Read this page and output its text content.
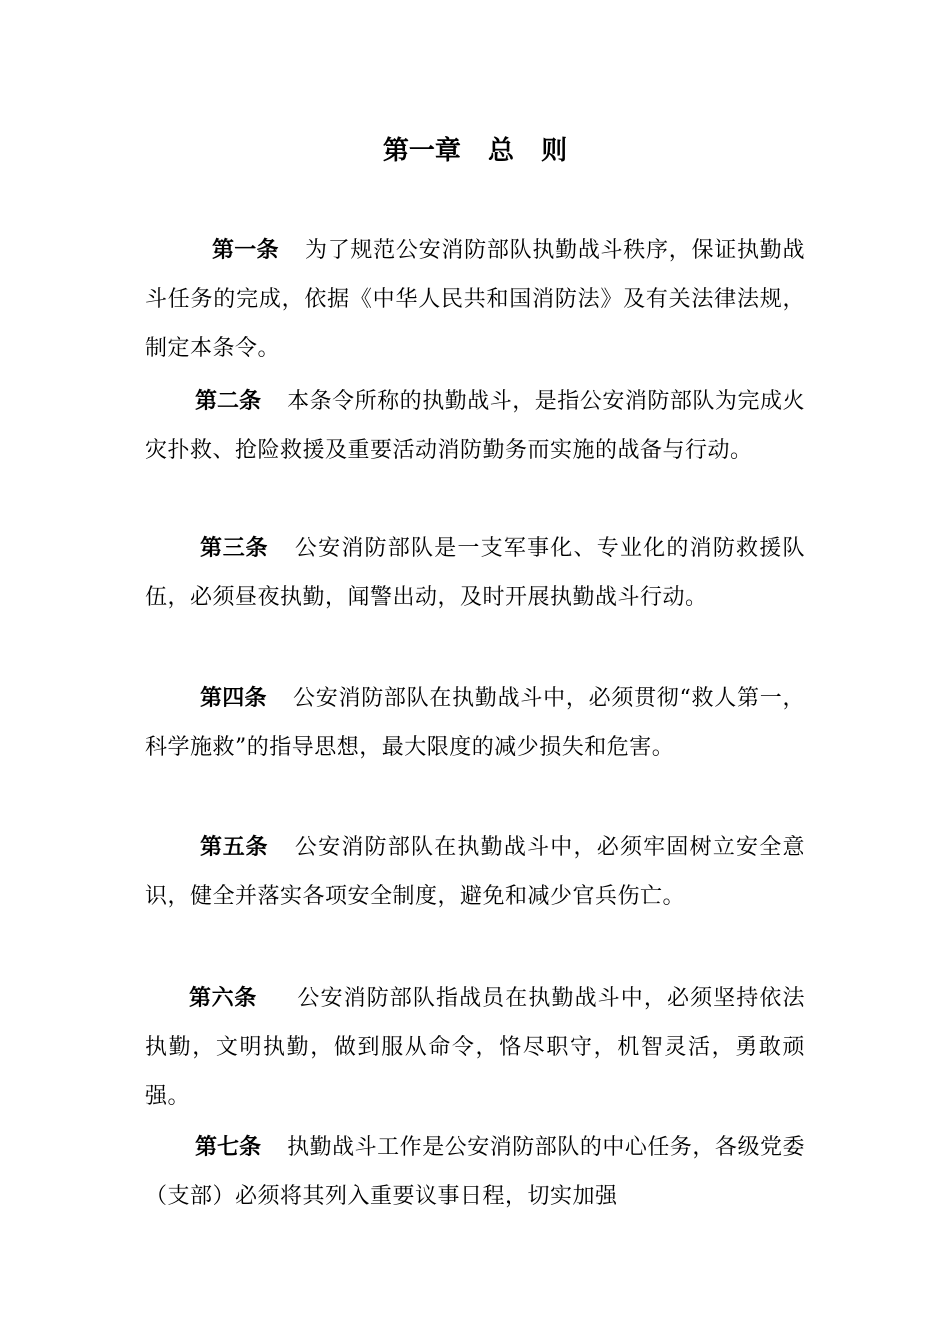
第一章   总   则
第一条 为了规范公安消防部队执勤战斗秩序，保证执勤战斗任务的完成，依据《中华人民共和国消防法》及有关法律法规，制定本条令。
第二条 本条令所称的执勤战斗，是指公安消防部队为完成火灾扑救、抢险救援及重要活动消防勤务而实施的战备与行动。
第三条 公安消防部队是一支军事化、专业化的消防救援队伍，必须昼夜执勤，闻警出动，及时开展执勤战斗行动。
第四条 公安消防部队在执勤战斗中，必须贯彻“救人第一，科学施救”的指导思想，最大限度的减少损失和危害。
第五条 公安消防部队在执勤战斗中，必须牢固树立安全意识，健全并落实各项安全制度，避免和减少官兵伤亡。
第六条 公安消防部队指战员在执勤战斗中，必须坚持依法执勤，文明执勤，做到服从命令，恪尽职守，机智灵活，勇敢顽强。
第七条 执勤战斗工作是公安消防部队的中心任务，各级党委（支部）必须将其列入重要议事日程，切实加强
